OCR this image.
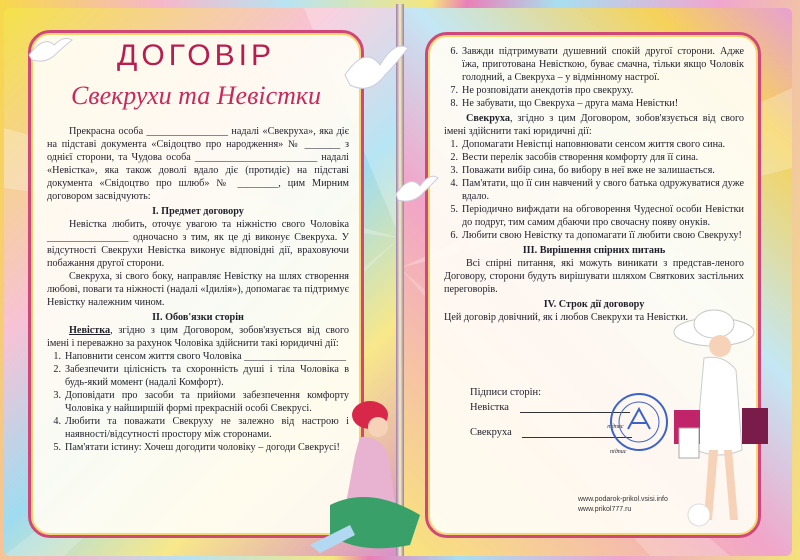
ДОГОВІР
Свекрухи та Невістки

Прекрасна особа ________________ надалі «Свекруха», яка діє на підставі документа «Свідоцтво про народження» № _______ з однієї сторони, та Чудова особа ________________________ надалі «Невістка», яка також доволі вдало діє (протидіє) на підставі документа «Свідоцтво про шлюб» № ________, цим Мирним договором засвідчують:

І. Предмет договору

Невістка любить, оточує увагою та ніжністю свого Чоловіка ________________ одночасно з тим, як це ді виконує Свекруха. У відсутності Свекрухи Невістка виконує відповідні дії, враховуючи побажання другої сторони.

Свекруха, зі свого боку, направляє Невістку на шлях створення любові, поваги та ніжності (надалі «Ідилія»), допомагає та підтримує Невістку належним чином.

ІІ. Обов'язки сторін

Невістка, згідно з цим Договором, зобов'язується від свого імені і переважно за рахунок Чоловіка здійснити такі юридичні дії:

1. Наповнити сенсом життя свого Чоловіка ____________________
2. Забезпечити цілісність та схоронність душі і тіла Чоловіка в будь-який момент (надалі Комфорт).
3. Доповідати про засоби та прийоми забезпечення комфорту Чоловіка у найширшій формі прекрасній особі Свекрусі.
4. Любити та поважати Свекруху не залежно від настрою і наявності/відсутності простору між сторонами.
5. Пам'ятати істину: Хочеш догодити чоловіку – догоди Свекрусі!
6. Завжди підтримувати душевний спокій другої сторони. Адже їжа, приготована Невісткою, буває смачна, тільки якщо Чоловік голодний, а Свекруха – у відмінному настрої.
7. Не розповідати анекдотів про свекруху.
8. Не забувати, що Свекруха – друга мама Невістки!

Свекруха, згідно з цим Договором, зобов'язується від свого імені здійснити такі юридичні дії:

1. Допомагати Невістці наповнювати сенсом життя свого сина.
2. Вести перелік засобів створення комфорту для її сина.
3. Поважати вибір сина, бо вибору в неї вже не залишається.
4. Пам'ятати, що її син навчений у свого батька одружуватися дуже вдало.
5. Періодично вифждати на обговорення Чудесної особи Невістки до подруг, тим самим дбаючи про свочасну появу онуків.
6. Любити свою Невістку та допомагати її любити свою Свекруху!

ІІІ. Вирішення спірних питань

Всі спірні питання, які можуть виникати з представ-леного Договору, сторони будуть вирішувати шляхом Святкових застільних переговорів.

IV. Строк дії договору

Цей договір довічний, як і любов Свекрухи та Невістки.

Підписи сторін:
Невістка
підпис
Свекруха
підпис
www.podarok-prikol.vsisi.info
www.prikol777.ru
